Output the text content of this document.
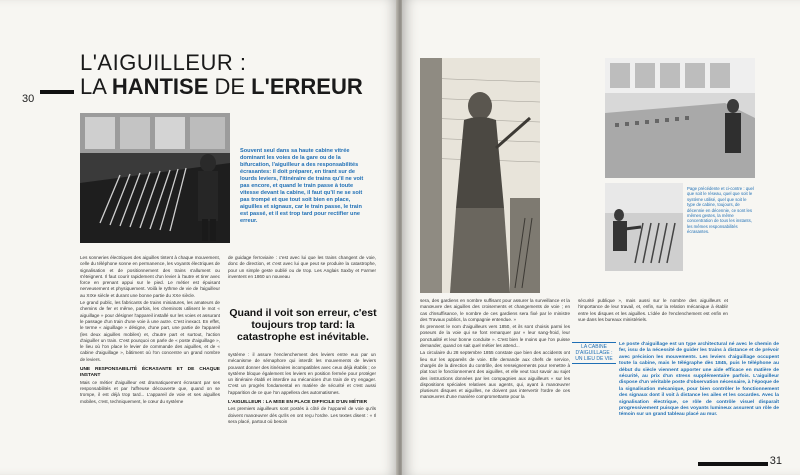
L'AIGUILLEUR :
LA HANTISE DE L'ERREUR
30
Souvent seul dans sa haute cabine vitrée dominant les voies de la gare ou de la bifurcation, l'aiguilleur a des responsabilités écrasantes: il doit préparer, en tirant sur de lourds leviers, l'itinéraire de trains qu'il ne voit pas encore, et quand le train passe à toute vitesse devant la cabine, il faut qu'il ne se soit pas trompé et que tout soit bien en place, aiguilles et signaux, car le train passe, le train est passé, et il est trop tard pour rectifier une erreur.

Les sonneries électriques des aiguilles tintent à chaque mouvement, celle du téléphone sonne en permanence, les voyants électriques de signalisation et de positionnement des trains s'allument ou s'éteignent. Il faut courir rapidement d'un levier à l'autre et tirer avec force en prenant appui sur le pied. Le métier est épuisant nerveusement et physiquement. Voilà le rythme de vie de l'aiguilleur au XIXe siècle et durant une bonne partie du XXe siècle.

Le grand public, les fabricants de trains miniatures, les amateurs de chemins de fer et même, parfois, les cheminots utilisent le mot « aiguillage » pour désigner l'appareil installé sur les voies et assurant le passage d'un train d'une voie à une autre. C'est inexact. En effet, le terme « aiguillage » désigne, d'une part, une partie de l'appareil (les deux aiguilles mobiles) et, d'autre part et surtout, l'action d'aiguiller un train. C'est pourquoi on parle de « poste d'aiguillage », le lieu où l'on place le levier de commande des aiguilles, et de « cabine d'aiguillage », bâtiment où l'on concentre un grand nombre de leviers.

UNE RESPONSABILITÉ ÉCRASANTE ET DE CHAQUE INSTANT

Mais ce métier d'aiguilleur est dramatiquement écrasant par ses responsabilités et par l'affreuse découverte que, quand on se trompe, il est déjà trop tard... L'appareil de voie et ses aiguilles mobiles, c'est, techniquement, le cœur du système

de guidage ferroviaire : c'est avec lui que les trains changent de voie, donc de direction, et c'est avec lui que peut se produire la catastrophe, pour un simple geste oublié ou de trop. Les Anglais Saxby et Farmer inventent en 1860 un nouveau

Quand il voit son erreur, c'est toujours trop tard: la catastrophe est inévitable.

système : il assure l'enclenchement des leviers entre eux par un mécanisme de sémaphore qui interdit les mouvements de leviers pouvant donner des itinéraires incompatibles avec ceux déjà établis ; ce système bloque également les leviers en position fermée pour protéger un itinéraire établi et interdire au mécanicien d'un train de s'y engager. C'est un progrès fondamental en matière de sécurité et c'est aussi l'apparition de ce que l'on appellera des automatismes.

L'AIGUILLEUR : LA MISE EN PLACE DIFFICILE D'UN MÉTIER

Les premiers aiguilleurs sont postés à côté de l'appareil de voie qu'ils doivent manœuvrer dès qu'ils en ont reçu l'ordre. Les textes disent : « Il sera placé, partout où besoin

Page précédente et ci-contre : quel que soit le réseau, quel que soit le système utilisé, quel que soit le type de cabine, toujours, de décennie en décennie, ce sont les mêmes gestes, la même concentration de tous les instants, les mêmes responsabilités écrasantes.

sera, des gardiens en nombre suffisant pour assurer la surveillance et la manœuvre des aiguilles des croisements et changements de voie ; en cas d'insuffisance, le nombre de ces gardiens sera fixé par le ministre des Travaux publics, la compagnie entendue. »

Ils prennent le nom d'aiguilleurs vers 1850, et ils sont choisis parmi les poseurs de la voie qui se font remarquer par « leur sang-froid, leur ponctualité et leur bonne conduite ». C'est bien le moins que l'on puisse demander, quand on sait quel métier les attend...

La circulaire du 28 septembre 1855 constate que bien des accidents ont lieu sur les appareils de voie. Elle demande aux chefs de service, chargés de la direction du contrôle, des renseignements pour remettre à plat tout le fonctionnement des aiguilles, et elle veut tout savoir au sujet des instructions données par les compagnies aux aiguilleurs « sur les dispositions spéciales relatives aux agents, qui, ayant à manœuvrer plusieurs disques et aiguilles, ne doivent pas intervertir l'ordre de ces manœuvres d'une manière compromettante pour la

sécurité publique », mais aussi sur le nombre des aiguilleurs et l'importance de leur travail, et, enfin, sur la relation mécanique à établir entre les disques et les aiguilles. L'idée de l'enclenchement est enfin en vue dans les bureaux ministériels.

LA CABINE D'AIGUILLAGE : UN LIEU DE VIE
Le poste d'aiguillage est un type architectural né avec le chemin de fer, issu de la nécessité de guider les trains à distance et de prévoir avec précision les mouvements. Les leviers d'aiguillage occupent toute la cabine, mais le télégraphe dès 1845, puis le téléphone au début du siècle viennent apporter une aide efficace en matière de sécurité, au prix d'un stress supplémentaire parfois. L'aiguilleur dispose d'un véritable poste d'observation nécessaire, à l'époque de la signalisation mécanique, pour bien contrôler le fonctionnement des signaux dont il voit à distance les ailes et les cocardes. Avec la signalisation électrique, ce rôle de contrôle visuel disparaît progressivement puisque des voyants lumineux assurent un rôle de témoin sur un grand tableau placé au mur.
31
